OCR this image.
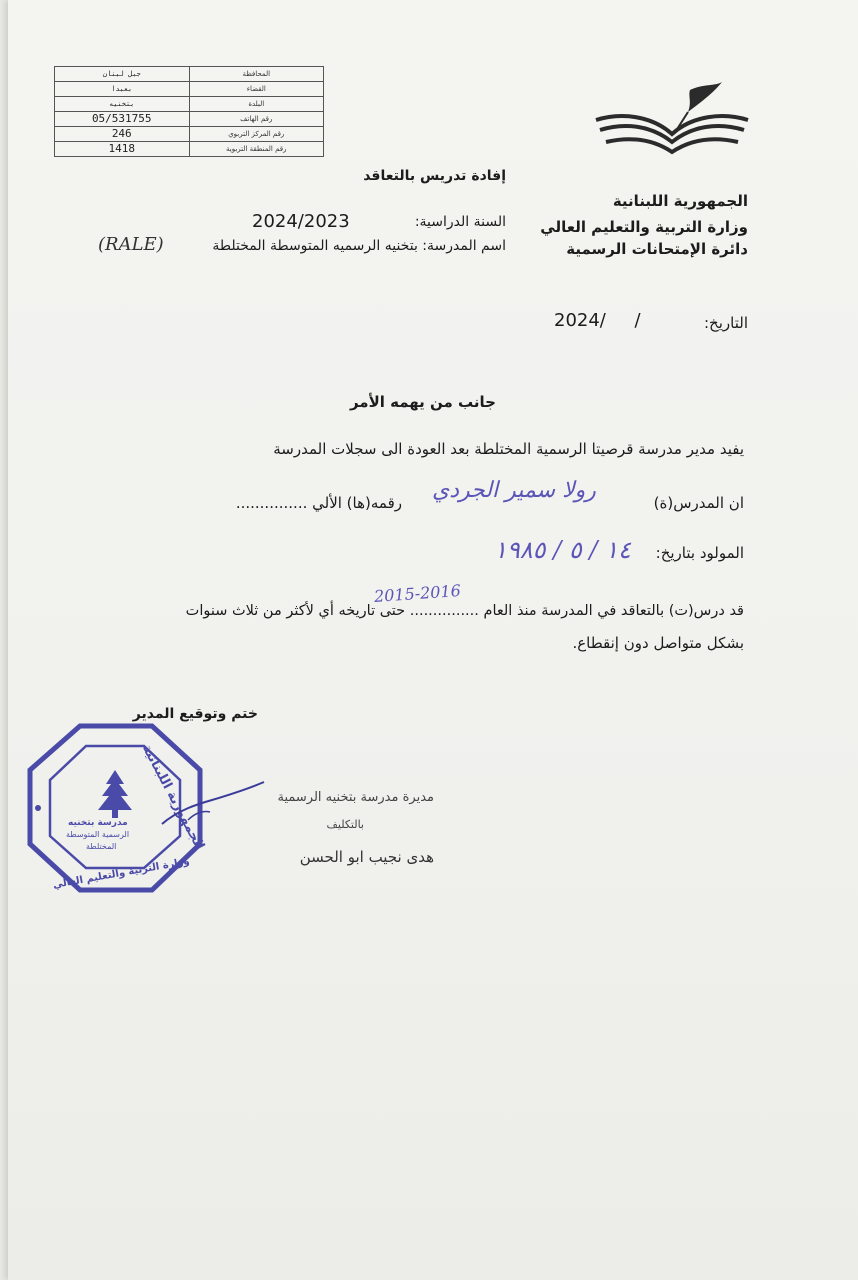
المحافظة	جبل لبنان
القضاء	بعبدا
البلدة	بتخنيه
رقم الهاتف	05/531755
رقم المركز التربوي	246
رقم المنطقة التربوية	1418
الجمهورية اللبنانية
وزارة التربية والتعليم العالي
دائرة الإمتحانات الرسمية
إفادة تدريس بالتعاقد
السنة الدراسية:
2024/2023
اسم المدرسة: بتخنيه الرسميه المتوسطة المختلطة
(RALE)
التاريخ:
2024/     /
جانب من يهمه الأمر
يفيد مدير مدرسة قرصيتا الرسمية المختلطة بعد العودة الى سجلات المدرسة
ان المدرس(ة)
رولا سمير الجردي
رقمه(ها) الألي ...............
المولود بتاريخ:
١٤ / ٥ / ١٩٨٥
2015-2016
قد درس(ت) بالتعاقد في المدرسة منذ العام ............... حتى تاريخه أي لأكثر من ثلاث سنوات
بشكل متواصل دون إنقطاع.
ختم وتوقيع المدير
الجمهورية اللبنانية
مدرسة بتخنيه
الرسمية المتوسطة
المختلطة
وزارة التربية والتعليم العالي
مديرة مدرسة بتخنيه الرسمية
بالتكليف
هدى نجيب ابو الحسن
